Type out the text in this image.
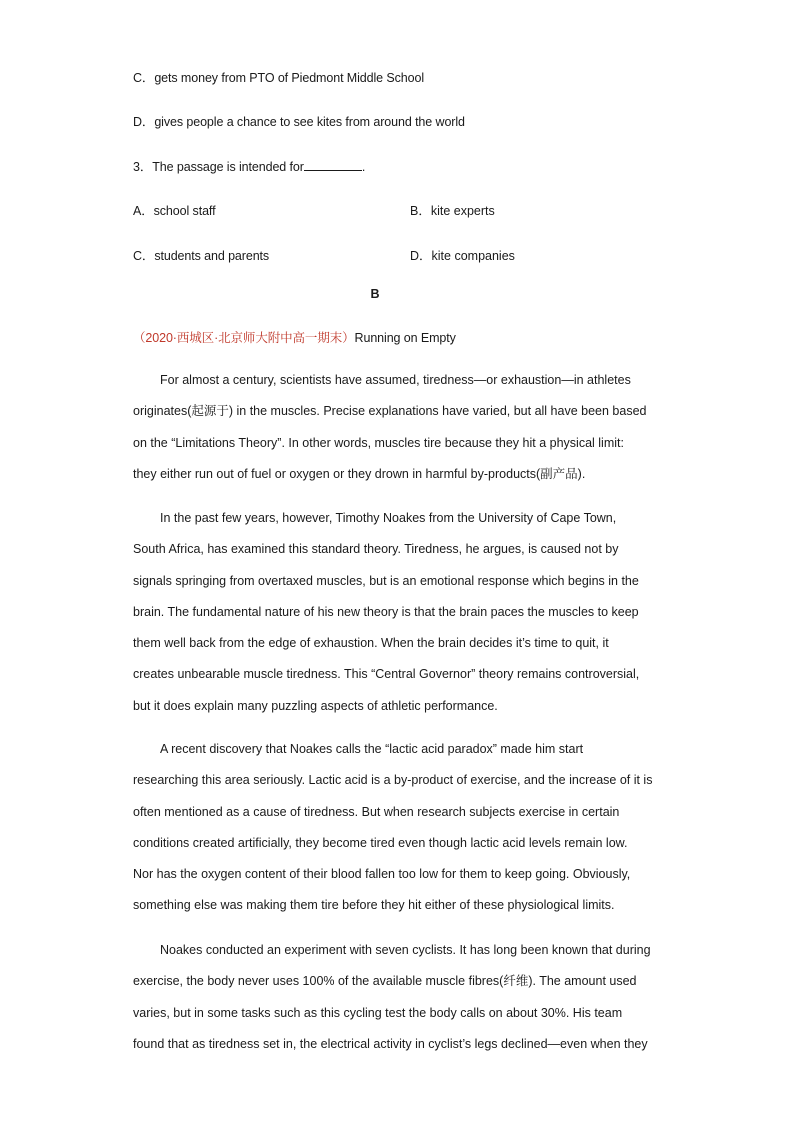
C．gets money from PTO of Piedmont Middle School
D．gives people a chance to see kites from around the world
3．The passage is intended for	.
A．school staff	B．kite experts
C．students and parents	D．kite companies
B
（2020·西城区·北京师大附中高一期末）Running on Empty

For almost a century, scientists have assumed, tiredness—or exhaustion—in athletes

originates(起源于) in the muscles. Precise explanations have varied, but all have been based

on the “Limitations Theory”. In other words, muscles tire because they hit a physical limit:

they either run out of fuel or oxygen or they drown in harmful by-products(副产品).

In the past few years, however, Timothy Noakes from the University of Cape Town,

South Africa, has examined this standard theory. Tiredness, he argues, is caused not by

signals springing from overtaxed muscles, but is an emotional response which begins in the

brain. The fundamental nature of his new theory is that the brain paces the muscles to keep

them well back from the edge of exhaustion. When the brain decides it’s time to quit, it

creates unbearable muscle tiredness. This “Central Governor” theory remains controversial,

but it does explain many puzzling aspects of athletic performance.

A recent discovery that Noakes calls the “lactic acid paradox” made him start

researching this area seriously. Lactic acid is a by-product of exercise, and the increase of it is

often mentioned as a cause of tiredness. But when research subjects exercise in certain

conditions created artificially, they become tired even though lactic acid levels remain low.

Nor has the oxygen content of their blood fallen too low for them to keep going. Obviously,

something else was making them tire before they hit either of these physiological limits.

Noakes conducted an experiment with seven cyclists. It has long been known that during

exercise, the body never uses 100% of the available muscle fibres(纤维). The amount used

varies, but in some tasks such as this cycling test the body calls on about 30%. His team

found that as tiredness set in, the electrical activity in cyclist’s legs declined—even when they
